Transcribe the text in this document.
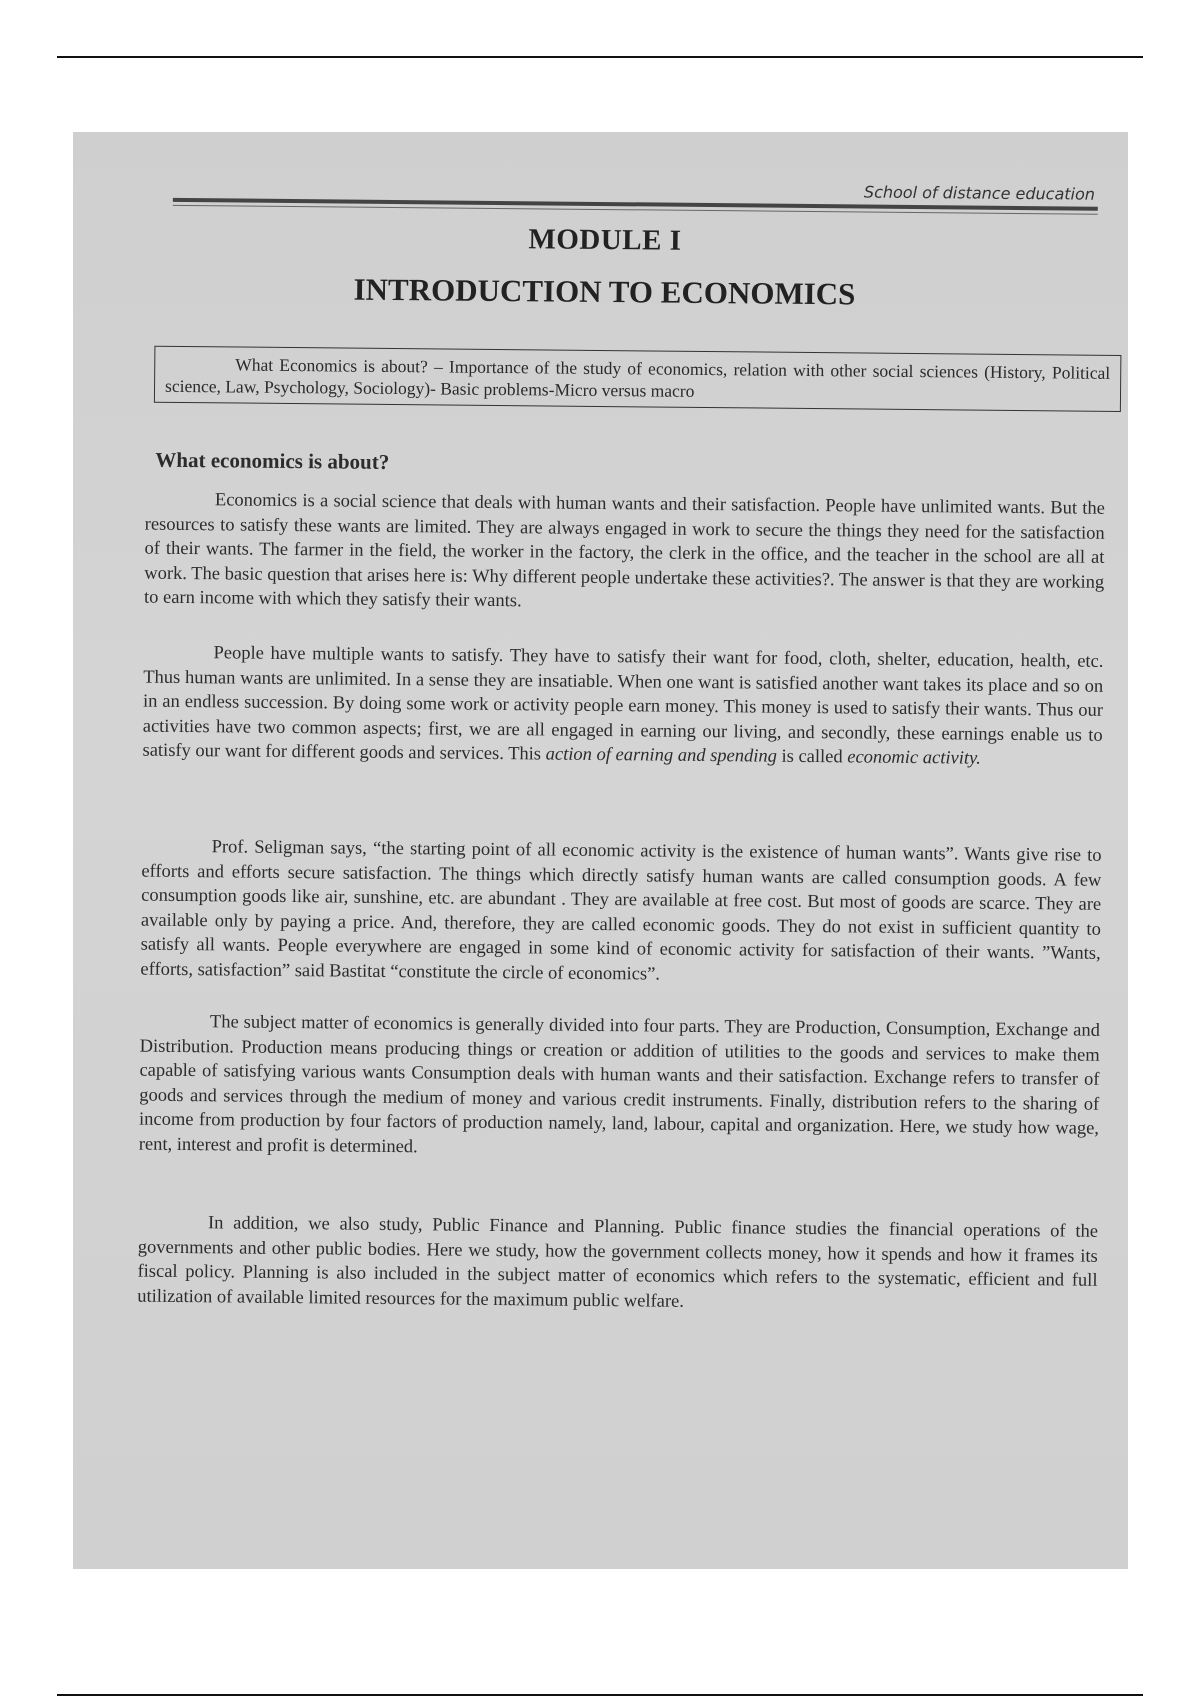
School of distance education
MODULE I
INTRODUCTION TO ECONOMICS
What Economics is about? – Importance of the study of economics, relation with other social sciences (History, Political science, Law, Psychology, Sociology)- Basic problems-Micro versus macro
What economics is about?
Economics is a social science that deals with human wants and their satisfaction. People have unlimited wants. But the resources to satisfy these wants are limited. They are always engaged in work to secure the things they need for the satisfaction of their wants. The farmer in the field, the worker in the factory, the clerk in the office, and the teacher in the school are all at work. The basic question that arises here is: Why different people undertake these activities?. The answer is that they are working to earn income with which they satisfy their wants.
People have multiple wants to satisfy. They have to satisfy their want for food, cloth, shelter, education, health, etc. Thus human wants are unlimited. In a sense they are insatiable. When one want is satisfied another want takes its place and so on in an endless succession. By doing some work or activity people earn money. This money is used to satisfy their wants. Thus our activities have two common aspects; first, we are all engaged in earning our living, and secondly, these earnings enable us to satisfy our want for different goods and services. This action of earning and spending is called economic activity.
Prof. Seligman says, “the starting point of all economic activity is the existence of human wants”. Wants give rise to efforts and efforts secure satisfaction. The things which directly satisfy human wants are called consumption goods. A few consumption goods like air, sunshine, etc. are abundant . They are available at free cost. But most of goods are scarce. They are available only by paying a price. And, therefore, they are called economic goods. They do not exist in sufficient quantity to satisfy all wants. People everywhere are engaged in some kind of economic activity for satisfaction of their wants. ”Wants, efforts, satisfaction” said Bastitat “constitute the circle of economics”.
The subject matter of economics is generally divided into four parts. They are Production, Consumption, Exchange and Distribution. Production means producing things or creation or addition of utilities to the goods and services to make them capable of satisfying various wants Consumption deals with human wants and their satisfaction. Exchange refers to transfer of goods and services through the medium of money and various credit instruments. Finally, distribution refers to the sharing of income from production by four factors of production namely, land, labour, capital and organization. Here, we study how wage, rent, interest and profit is determined.
In addition, we also study, Public Finance and Planning. Public finance studies the financial operations of the governments and other public bodies. Here we study, how the government collects money, how it spends and how it frames its fiscal policy. Planning is also included in the subject matter of economics which refers to the systematic, efficient and full utilization of available limited resources for the maximum public welfare.
